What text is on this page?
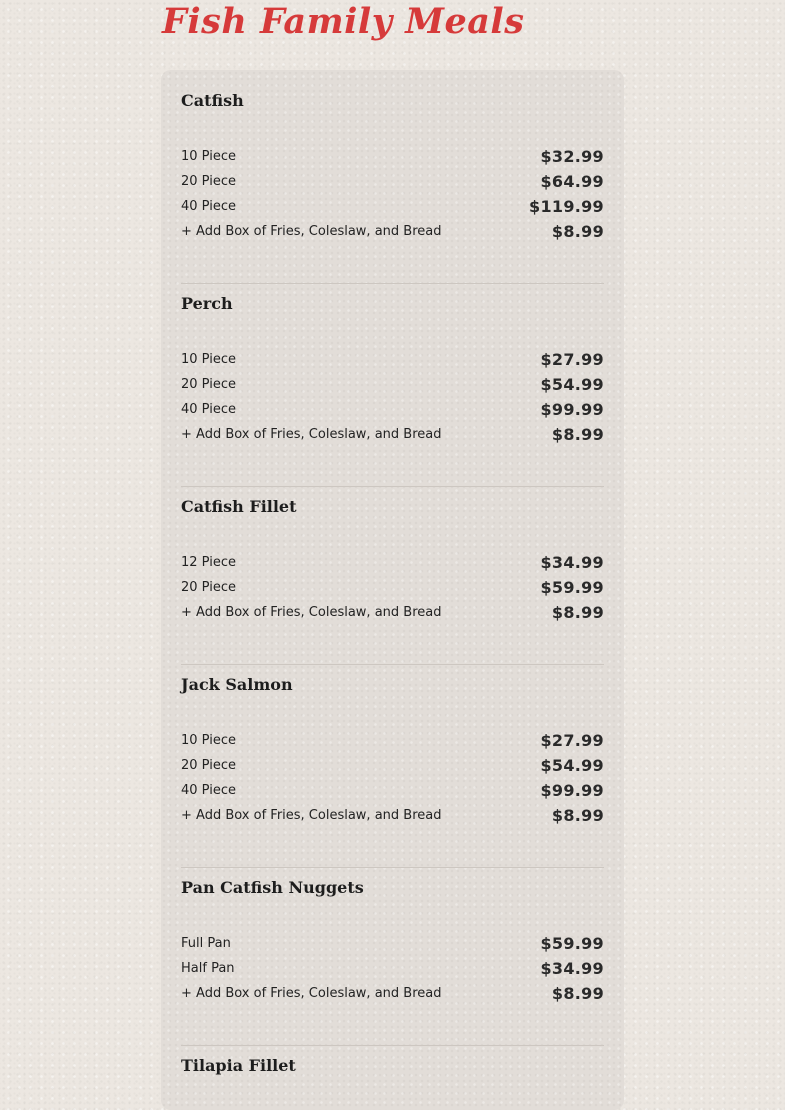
Fish Family Meals
Catfish
10 Piece	$32.99
20 Piece	$64.99
40 Piece	$119.99
+ Add Box of Fries, Coleslaw, and Bread	$8.99
Perch
10 Piece	$27.99
20 Piece	$54.99
40 Piece	$99.99
+ Add Box of Fries, Coleslaw, and Bread	$8.99
Catfish Fillet
12 Piece	$34.99
20 Piece	$59.99
+ Add Box of Fries, Coleslaw, and Bread	$8.99
Jack Salmon
10 Piece	$27.99
20 Piece	$54.99
40 Piece	$99.99
+ Add Box of Fries, Coleslaw, and Bread	$8.99
Pan Catfish Nuggets
Full Pan	$59.99
Half Pan	$34.99
+ Add Box of Fries, Coleslaw, and Bread	$8.99
Tilapia Fillet
